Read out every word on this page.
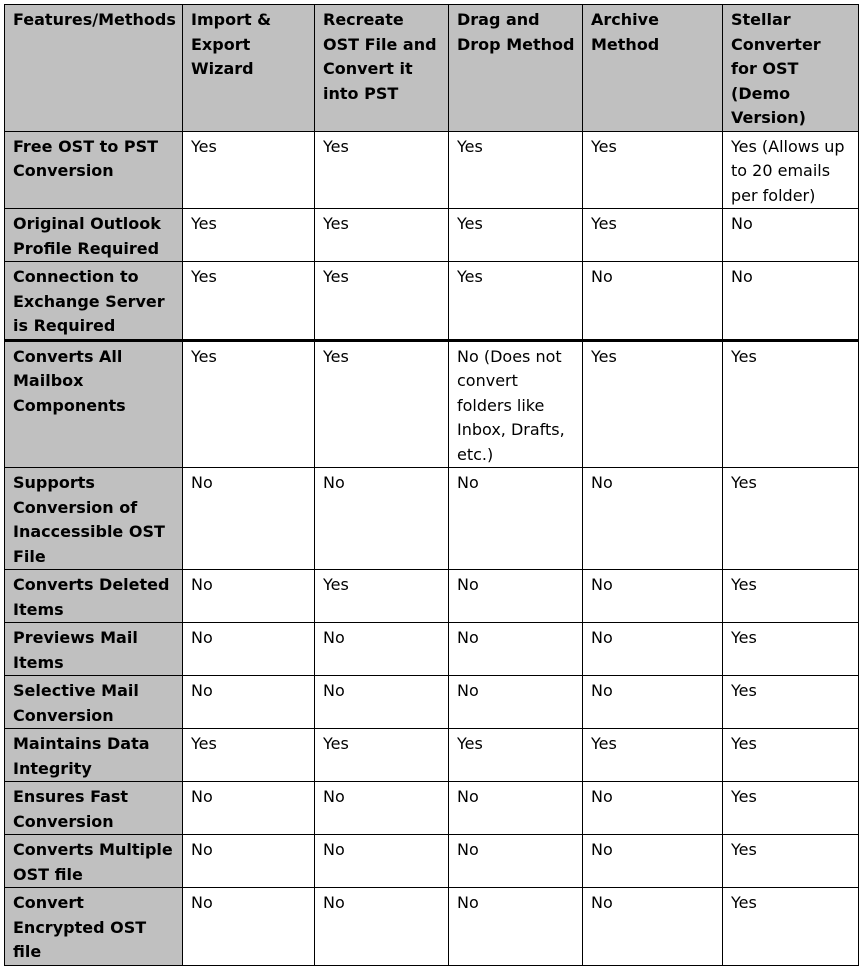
Features/Methods	Import & Export Wizard	Recreate OST File and Convert it into PST	Drag and Drop Method	Archive Method	Stellar Converter for OST (Demo Version)
Free OST to PST Conversion	Yes	Yes	Yes	Yes	Yes (Allows up to 20 emails per folder)
Original Outlook Profile Required	Yes	Yes	Yes	Yes	No
Connection to Exchange Server is Required	Yes	Yes	Yes	No	No
Converts All Mailbox Components	Yes	Yes	No (Does not convert folders like Inbox, Drafts, etc.)	Yes	Yes
Supports Conversion of Inaccessible OST File	No	No	No	No	Yes
Converts Deleted Items	No	Yes	No	No	Yes
Previews Mail Items	No	No	No	No	Yes
Selective Mail Conversion	No	No	No	No	Yes
Maintains Data Integrity	Yes	Yes	Yes	Yes	Yes
Ensures Fast Conversion	No	No	No	No	Yes
Converts Multiple OST file	No	No	No	No	Yes
Convert Encrypted OST file	No	No	No	No	Yes
